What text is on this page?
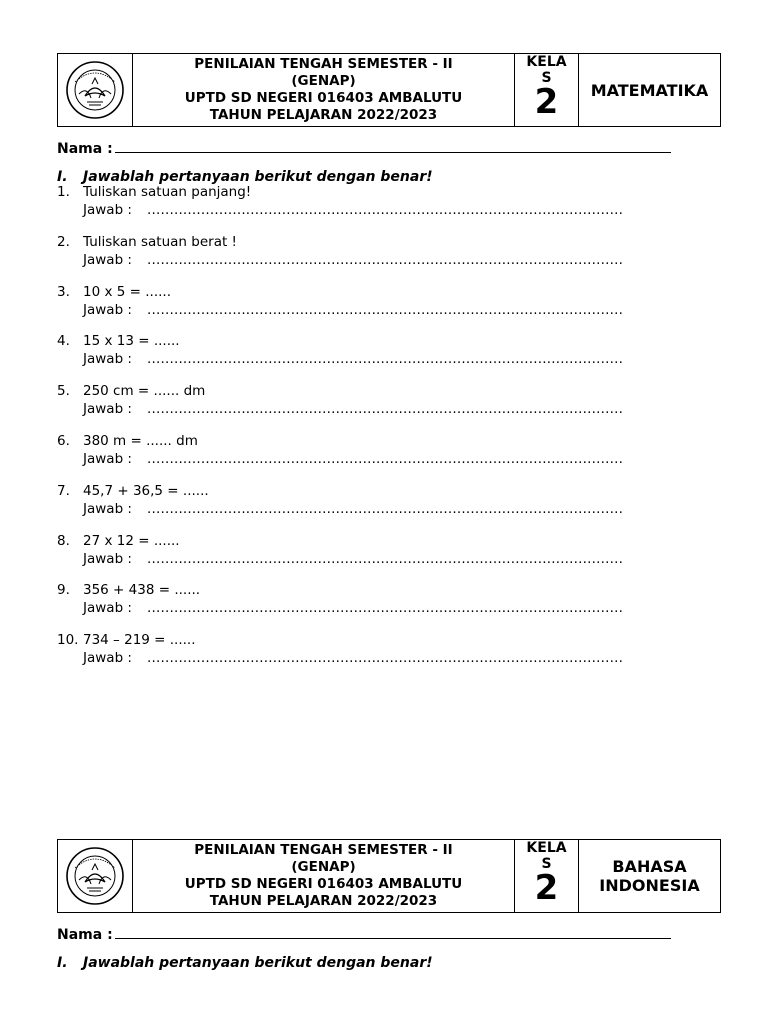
PENILAIAN TENGAH SEMESTER - II
(GENAP)
UPTD SD NEGERI 016403 AMBALUTU
TAHUN PELAJARAN 2022/2023
KELAS
2 MATEMATIKA
Nama :
I. Jawablah pertanyaan berikut dengan benar!
1. Tuliskan satuan panjang!
Jawab : ..........................................................................................................
2. Tuliskan satuan berat !
Jawab : ..........................................................................................................
3. 10 x 5 = ......
Jawab : ..........................................................................................................
4. 15 x 13 = ......
Jawab : ..........................................................................................................
5. 250 cm = ...... dm
Jawab : ..........................................................................................................
6. 380 m = ...... dm
Jawab : ..........................................................................................................
7. 45,7 + 36,5 = ......
Jawab : ..........................................................................................................
8. 27 x 12 = ......
Jawab : ..........................................................................................................
9. 356 + 438 = ......
Jawab : ..........................................................................................................
10. 734 – 219 = ......
Jawab : ..........................................................................................................
PENILAIAN TENGAH SEMESTER - II
(GENAP)
UPTD SD NEGERI 016403 AMBALUTU
TAHUN PELAJARAN 2022/2023
KELAS
2
BAHASA INDONESIA
Nama :
I. Jawablah pertanyaan berikut dengan benar!
